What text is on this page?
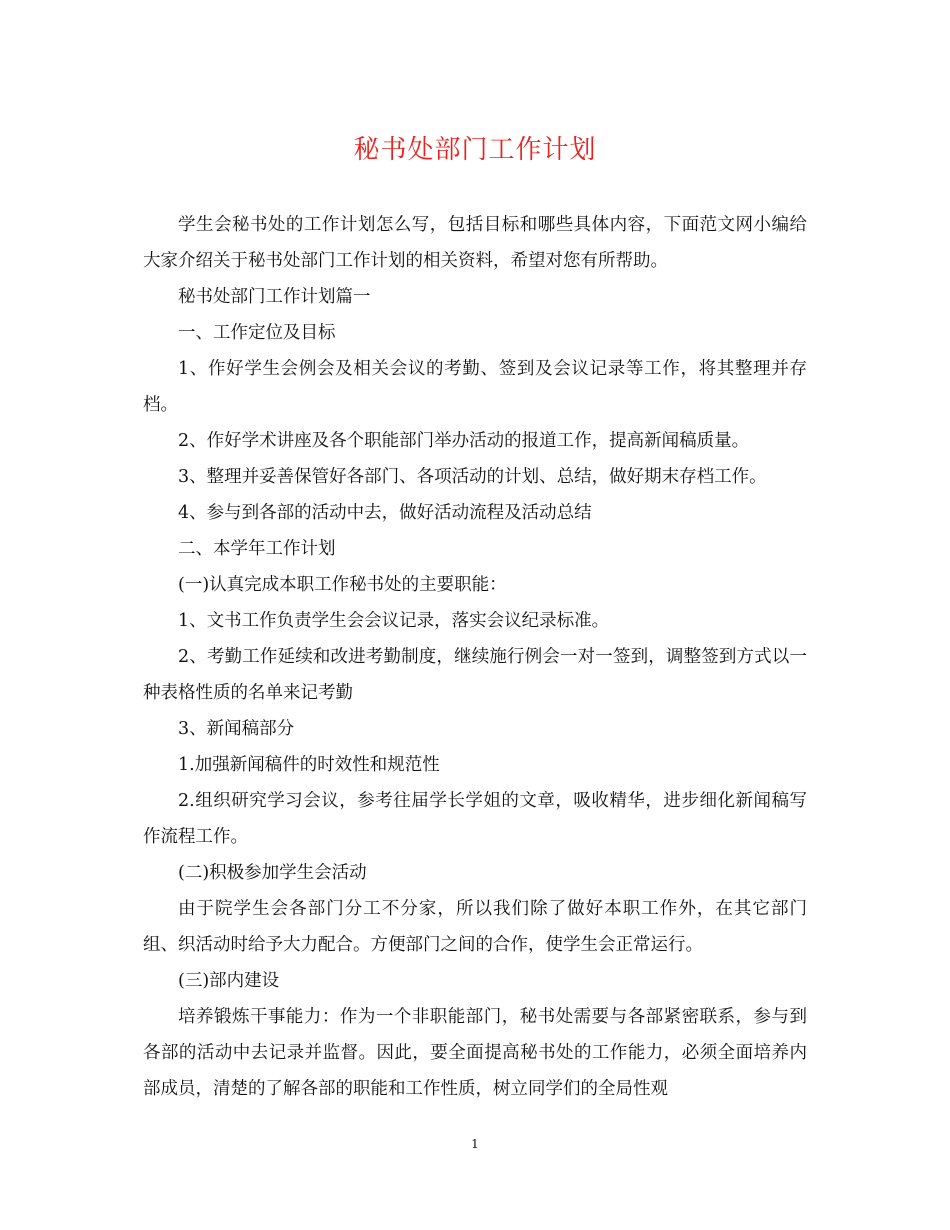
秘书处部门工作计划

学生会秘书处的工作计划怎么写，包括目标和哪些具体内容，下面范文网小编给大家介绍关于秘书处部门工作计划的相关资料，希望对您有所帮助。

秘书处部门工作计划篇一

一、工作定位及目标

1、作好学生会例会及相关会议的考勤、签到及会议记录等工作，将其整理并存档。

2、作好学术讲座及各个职能部门举办活动的报道工作，提高新闻稿质量。

3、整理并妥善保管好各部门、各项活动的计划、总结，做好期末存档工作。

4、参与到各部的活动中去，做好活动流程及活动总结

二、本学年工作计划

(一)认真完成本职工作秘书处的主要职能：

1、文书工作负责学生会会议记录，落实会议纪录标准。

2、考勤工作延续和改进考勤制度，继续施行例会一对一签到，调整签到方式以一种表格性质的名单来记考勤

3、新闻稿部分

1.加强新闻稿件的时效性和规范性

2.组织研究学习会议，参考往届学长学姐的文章，吸收精华，进步细化新闻稿写作流程工作。

(二)积极参加学生会活动

由于院学生会各部门分工不分家，所以我们除了做好本职工作外，在其它部门组、织活动时给予大力配合。方便部门之间的合作，使学生会正常运行。

(三)部内建设

培养锻炼干事能力：作为一个非职能部门，秘书处需要与各部紧密联系，参与到各部的活动中去记录并监督。因此，要全面提高秘书处的工作能力，必须全面培养内部成员，清楚的了解各部的职能和工作性质，树立同学们的全局性观

1
